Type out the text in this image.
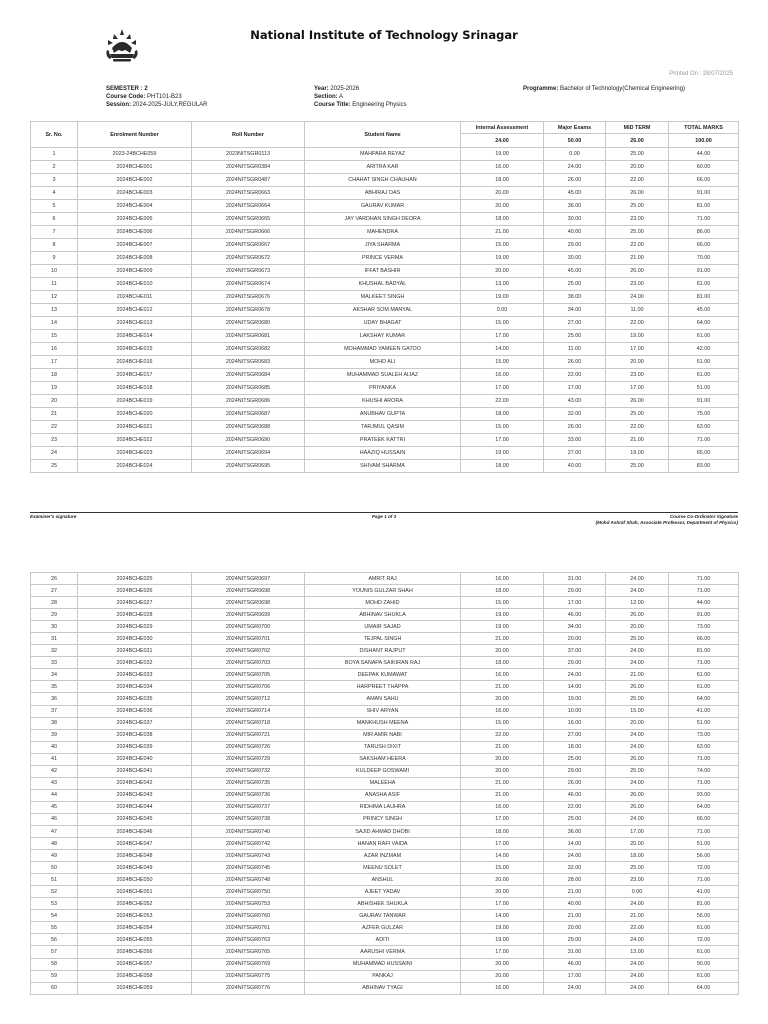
National Institute of Technology Srinagar
Printed On : 28/07/2025
SEMESTER : 2
Course Code: PHT101-B23
Session: 2024-2025-JULY,REGULAR
Year: 2025-2026
Section: A
Course Title: Engineering Physics
Programme: Bachelor of Technology(Chemical Engineering)
Sr. No.	Enrolment Number	Roll Number	Student Name	Internal Assessment	Major Exams	MID TERM	TOTAL MARKS
				24.00	50.00	26.00	100.00
1	2023-24BCHE059	2023NITSGR0113	MAHPARA REYAZ	19.00	0.00	25.00	44.00
2	2024BCHE001	2024NITSGR0384	ARITRA KAR	16.00	24.00	20.00	60.00
3	2024BCHE002	2024NITSGR0487	CHAHAT SINGH CHAUHAN	18.00	26.00	22.00	66.00
4	2024BCHE003	2024NITSGR0663	ABHIRAJ DAS	20.00	45.00	26.00	91.00
5	2024BCHE004	2024NITSGR0664	GAURAV KUMAR	20.00	36.00	25.00	81.00
6	2024BCHE005	2024NITSGR0665	JAY VARDHAN SINGH DEORA	18.00	30.00	23.00	71.00
7	2024BCHE006	2024NITSGR0666	MAHENDRA	21.00	40.00	25.00	86.00
8	2024BCHE007	2024NITSGR0667	JIYA SHARMA	15.00	29.00	22.00	66.00
9	2024BCHE008	2024NITSGR0672	PRINCE VERMA	19.00	30.00	21.00	70.00
10	2024BCHE009	2024NITSGR0673	IFFAT BASHIR	20.00	45.00	26.00	91.00
11	2024BCHE010	2024NITSGR0674	KHUSHAL BADYAL	13.00	25.00	23.00	61.00
12	2024BCHE011	2024NITSGR0676	MALKEET SINGH	19.00	38.00	24.00	81.00
13	2024BCHE012	2024NITSGR0678	AKSHAR SOM MANYAL	0.00	34.00	11.00	45.00
14	2024BCHE013	2024NITSGR0680	UDAY BHAGAT	15.00	27.00	22.00	64.00
15	2024BCHE014	2024NITSGR0681	LAKSHAY KUMAR	17.00	25.00	19.00	61.00
16	2024BCHE015	2024NITSGR0682	MOHAMMAD YAMEEN GATOO	14.00	11.00	17.00	42.00
17	2024BCHE016	2024NITSGR0683	MOHD ALI	15.00	26.00	20.00	61.00
18	2024BCHE017	2024NITSGR0684	MUHAMMAD SUALEH AIJAZ	16.00	22.00	23.00	61.00
19	2024BCHE018	2024NITSGR0685	PRIYANKA	17.00	17.00	17.00	51.00
20	2024BCHE019	2024NITSGR0686	KHUSHI ARORA	22.00	43.00	26.00	91.00
21	2024BCHE020	2024NITSGR0687	ANUBHAV GUPTA	18.00	32.00	25.00	75.00
22	2024BCHE021	2024NITSGR0688	TARJMUL QASIM	15.00	26.00	22.00	63.00
23	2024BCHE022	2024NITSGR0690	PRATEEK KATTRI	17.00	33.00	21.00	71.00
24	2024BCHE023	2024NITSGR0694	HAAZIQ HUSSAIN	19.00	27.00	19.00	65.00
25	2024BCHE024	2024NITSGR0695	SHIVAM SHARMA	18.00	40.00	25.00	83.00
Examiner's signature	Page 1 of 3	Course Co-Ordinator Signature
(Mohd Ashraf Shah, Associate Professor, Department of Physics)
26	2024BCHE025	2024NITSGR0697	AMRIT RAJ	16.00	31.00	24.00	71.00
27	2024BCHE026	2024NITSGR0698	YOUNIS GULZAR SHAH	18.00	29.00	24.00	71.00
28	2024BCHE027	2024NITSGR0698	MOHD ZAHID	15.00	17.00	12.00	44.00
29	2024BCHE028	2024NITSGR0699	ABHINAV SHUKLA	19.00	46.00	26.00	91.00
30	2024BCHE029	2024NITSGR0700	UMAIR SAJAD	19.00	34.00	20.00	73.00
31	2024BCHE030	2024NITSGR0701	TEJPAL SINGH	21.00	20.00	25.00	66.00
32	2024BCHE031	2024NITSGR0702	DISHANT RAJPUT	20.00	37.00	24.00	81.00
33	2024BCHE032	2024NITSGR0703	BOYA SANAPA SAIKIRAN RAJ	18.00	29.00	24.00	71.00
34	2024BCHE033	2024NITSGR0705	DEEPAK KUMAWAT	16.00	24.00	21.00	61.00
35	2024BCHE034	2024NITSGR0706	HARPREET THAPPA	21.00	14.00	26.00	61.00
36	2024BCHE035	2024NITSGR0712	AMAN SAHU	20.00	19.00	25.00	64.00
37	2024BCHE036	2024NITSGR0714	SHIV ARYAN	16.00	10.00	15.00	41.00
38	2024BCHE037	2024NITSGR0718	MANKHUSH MEENA	15.00	16.00	20.00	51.00
39	2024BCHE038	2024NITSGR0721	MIR AMIR NABI	22.00	27.00	24.00	73.00
40	2024BCHE039	2024NITSGR0726	TARUSH DIXIT	21.00	18.00	24.00	63.00
41	2024BCHE040	2024NITSGR0729	SAKSHAM HEERA	20.00	25.00	26.00	71.00
42	2024BCHE041	2024NITSGR0732	KULDEEP GOSWAMI	20.00	29.00	25.00	74.00
43	2024BCHE042	2024NITSGR0735	MALEEHA	21.00	26.00	24.00	71.00
44	2024BCHE043	2024NITSGR0736	ANASHA ASIF	21.00	46.00	26.00	93.00
45	2024BCHE044	2024NITSGR0737	RIDHIMA LAUHRA	16.00	22.00	26.00	64.00
46	2024BCHE045	2024NITSGR0738	PRINCY SINGH	17.00	25.00	24.00	66.00
47	2024BCHE046	2024NITSGR0740	SAJID AHMAD DHOBI	18.00	36.00	17.00	71.00
48	2024BCHE047	2024NITSGR0742	HANAN RAFI VAIDA	17.00	14.00	20.00	51.00
49	2024BCHE048	2024NITSGR0743	AZAR INZMAM	14.00	24.00	18.00	56.00
50	2024BCHE049	2024NITSGR0745	MEENU SOLET	15.00	32.00	25.00	72.00
51	2024BCHE050	2024NITSGR0748	ANSHUL	20.00	28.00	23.00	71.00
52	2024BCHE051	2024NITSGR0750	AJEET YADAV	20.00	21.00	0.00	41.00
53	2024BCHE052	2024NITSGR0753	ABHISHEK SHUKLA	17.00	40.00	24.00	81.00
54	2024BCHE053	2024NITSGR0760	GAURAV TANWAR	14.00	21.00	21.00	56.00
55	2024BCHE054	2024NITSGR0761	AZFER GULZAR	19.00	20.00	22.00	61.00
56	2024BCHE055	2024NITSGR0763	ADITI	19.00	29.00	24.00	72.00
57	2024BCHE056	2024NITSGR0765	AARUSHI VERMA	17.00	31.00	13.00	61.00
58	2024BCHE057	2024NITSGR0769	MUHAMMAD HUSSAINI	20.00	46.00	24.00	90.00
59	2024BCHE058	2024NITSGR0775	PANKAJ	20.00	17.00	24.00	61.00
60	2024BCHE059	2024NITSGR0776	ABHINAV TYAGI	16.00	24.00	24.00	64.00
